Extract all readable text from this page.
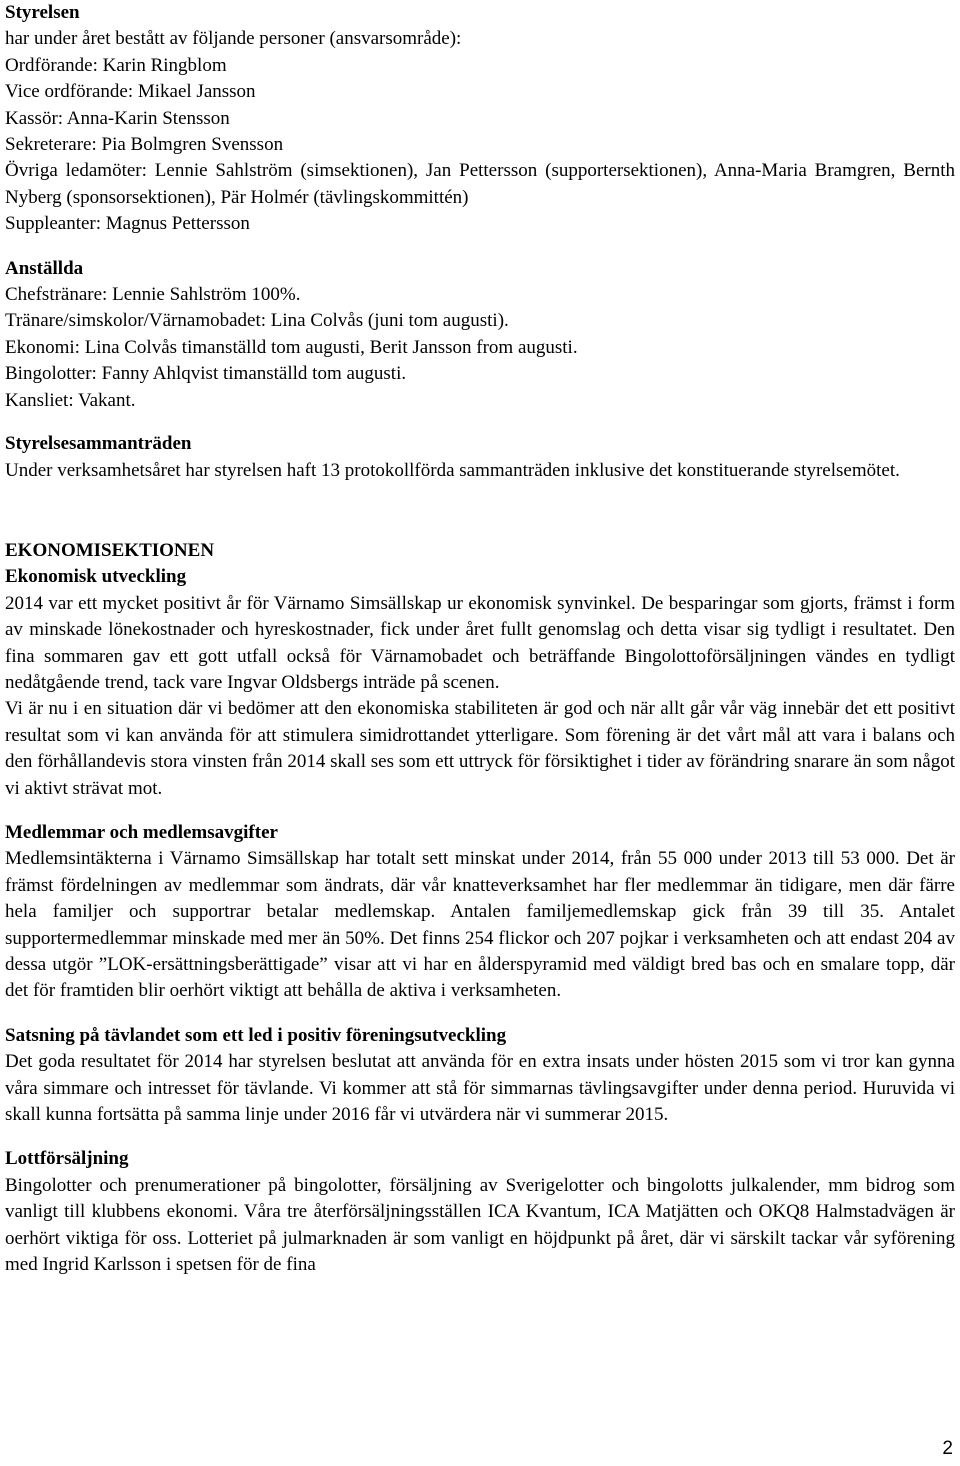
Styrelsen

har under året bestått av följande personer (ansvarsområde):

Ordförande: Karin Ringblom

Vice ordförande: Mikael Jansson

Kassör: Anna-Karin Stensson

Sekreterare: Pia Bolmgren Svensson

Övriga ledamöter: Lennie Sahlström (simsektionen), Jan Pettersson (supportersektionen), Anna-Maria Bramgren, Bernth Nyberg (sponsorsektionen), Pär Holmér (tävlingskommittén)

Suppleanter: Magnus Pettersson

Anställda

Chefstränare: Lennie Sahlström 100%.

Tränare/simskolor/Värnamobadet: Lina Colvås (juni tom augusti).

Ekonomi: Lina Colvås timanställd tom augusti, Berit Jansson from augusti.

Bingolotter: Fanny Ahlqvist timanställd tom augusti.

Kansliet: Vakant.

Styrelsesammanträden

Under verksamhetsåret har styrelsen haft 13 protokollförda sammanträden inklusive det konstituerande styrelsemötet.

EKONOMISEKTIONEN

Ekonomisk utveckling

2014 var ett mycket positivt år för Värnamo Simsällskap ur ekonomisk synvinkel. De besparingar som gjorts, främst i form av minskade lönekostnader och hyreskostnader, fick under året fullt genomslag och detta visar sig tydligt i resultatet. Den fina sommaren gav ett gott utfall också för Värnamobadet och beträffande Bingolottoförsäljningen vändes en tydligt nedåtgående trend, tack vare Ingvar Oldsbergs inträde på scenen.

Vi är nu i en situation där vi bedömer att den ekonomiska stabiliteten är god och när allt går vår väg innebär det ett positivt resultat som vi kan använda för att stimulera simidrottandet ytterligare. Som förening är det vårt mål att vara i balans och den förhållandevis stora vinsten från 2014 skall ses som ett uttryck för försiktighet i tider av förändring snarare än som något vi aktivt strävat mot.

Medlemmar och medlemsavgifter

Medlemsintäkterna i Värnamo Simsällskap har totalt sett minskat under 2014, från 55 000 under 2013 till 53 000. Det är främst fördelningen av medlemmar som ändrats, där vår knatteverksamhet har fler medlemmar än tidigare, men där färre hela familjer och supportrar betalar medlemskap. Antalen familjemedlemskap gick från 39 till 35. Antalet supportermedlemmar minskade med mer än 50%. Det finns 254 flickor och 207 pojkar i verksamheten och att endast 204 av dessa utgör ”LOK-ersättningsberättigade” visar att vi har en ålderspyramid med väldigt bred bas och en smalare topp, där det för framtiden blir oerhört viktigt att behålla de aktiva i verksamheten.

Satsning på tävlandet som ett led i positiv föreningsutveckling

Det goda resultatet för 2014 har styrelsen beslutat att använda för en extra insats under hösten 2015 som vi tror kan gynna våra simmare och intresset för tävlande. Vi kommer att stå för simmarnas tävlingsavgifter under denna period. Huruvida vi skall kunna fortsätta på samma linje under 2016 får vi utvärdera när vi summerar 2015.

Lottförsäljning

Bingolotter och prenumerationer på bingolotter, försäljning av Sverigelotter och bingolotts julkalender, mm bidrog som vanligt till klubbens ekonomi. Våra tre återförsäljningsställen ICA Kvantum, ICA Matjätten och OKQ8 Halmstadvägen är oerhört viktiga för oss. Lotteriet på julmarknaden är som vanligt en höjdpunkt på året, där vi särskilt tackar vår syförening med Ingrid Karlsson i spetsen för de fina

2
